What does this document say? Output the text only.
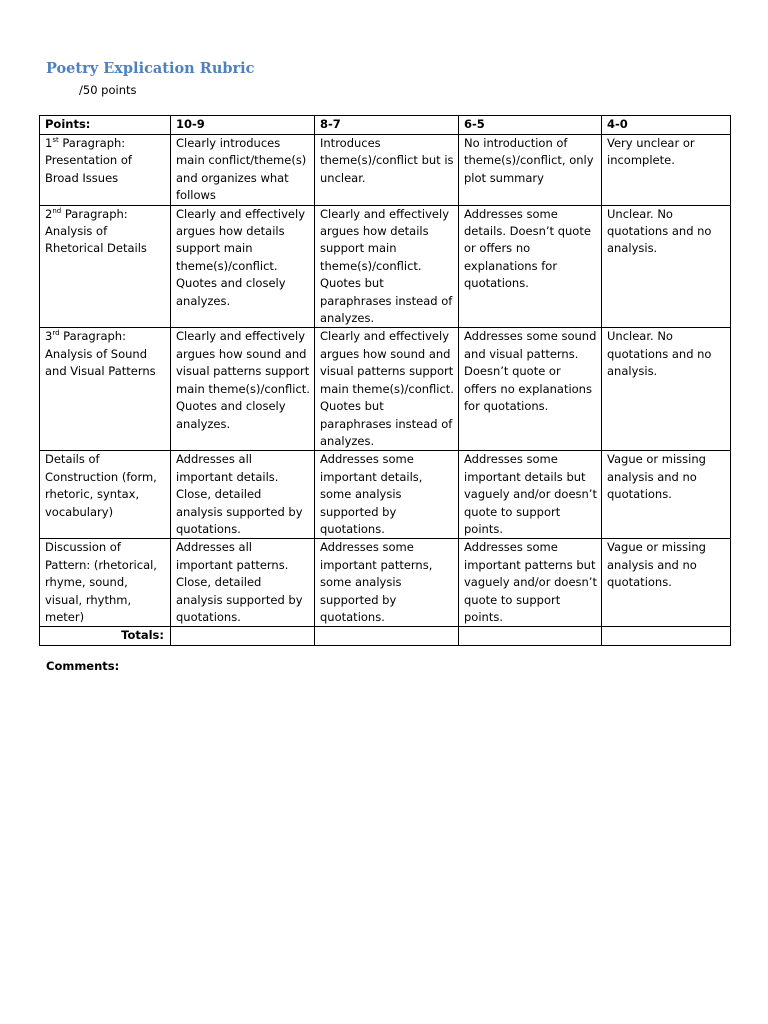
Poetry Explication Rubric
/50 points
Points:	10-9	8-7	6-5	4-0
1st Paragraph: Presentation of Broad Issues	Clearly introduces main conflict/theme(s) and organizes what follows	Introduces theme(s)/conflict but is unclear.	No introduction of theme(s)/conflict, only plot summary	Very unclear or incomplete.
2nd Paragraph: Analysis of Rhetorical Details	Clearly and effectively argues how details support main theme(s)/conflict. Quotes and closely analyzes.	Clearly and effectively argues how details support main theme(s)/conflict. Quotes but paraphrases instead of analyzes.	Addresses some details. Doesn’t quote or offers no explanations for quotations.	Unclear. No quotations and no analysis.
3rd Paragraph: Analysis of Sound and Visual Patterns	Clearly and effectively argues how sound and visual patterns support main theme(s)/conflict. Quotes and closely analyzes.	Clearly and effectively argues how sound and visual patterns support main theme(s)/conflict. Quotes but paraphrases instead of analyzes.	Addresses some sound and visual patterns. Doesn’t quote or offers no explanations for quotations.	Unclear. No quotations and no analysis.
Details of Construction (form, rhetoric, syntax, vocabulary)	Addresses all important details. Close, detailed analysis supported by quotations.	Addresses some important details, some analysis supported by quotations.	Addresses some important details but vaguely and/or doesn’t quote to support points.	Vague or missing analysis and no quotations.
Discussion of Pattern: (rhetorical, rhyme, sound, visual, rhythm, meter)	Addresses all important patterns. Close, detailed analysis supported by quotations.	Addresses some important patterns, some analysis supported by quotations.	Addresses some important patterns but vaguely and/or doesn’t quote to support points.	Vague or missing analysis and no quotations.
Totals:				
Comments:
